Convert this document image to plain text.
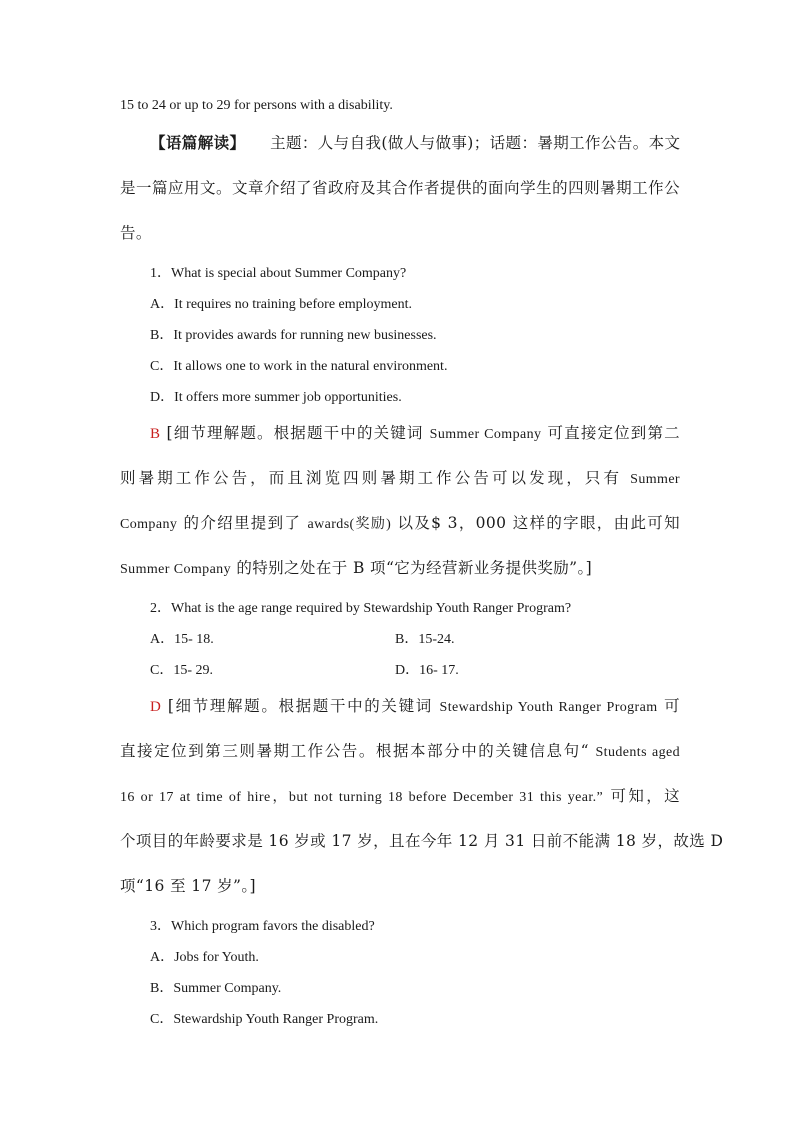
15 to 24 or up to 29 for persons with a disability.
【语篇解读】 主题：人与自我(做人与做事)；话题：暑期工作公告。本文
是一篇应用文。文章介绍了省政府及其合作者提供的面向学生的四则暑期工作公
告。
1．What is special about Summer Company?
A．It requires no training before employment.
B．It provides awards for running new businesses.
C．It allows one to work in the natural environment.
D．It offers more summer job opportunities.
B [细节理解题。根据题干中的关键词 Summer Company 可直接定位到第二
则暑期工作公告，而且浏览四则暑期工作公告可以发现，只有 Summer
Company 的介绍里提到了 awards(奖励) 以及$ 3，000 这样的字眼，由此可知
Summer Company 的特别之处在于 B 项“它为经营新业务提供奖励”。]
2．What is the age range required by Stewardship Youth Ranger Program?
A．15- 18.	B．15-24.
C．15- 29.	D．16- 17.
D [细节理解题。根据题干中的关键词 Stewardship Youth Ranger Program 可
直接定位到第三则暑期工作公告。根据本部分中的关键信息句“ Students aged
16 or 17 at time of hire，but not turning 18 before December 31 this year.” 可知，这
个项目的年龄要求是 16 岁或 17 岁，且在今年 12 月 31 日前不能满 18 岁，故选 D
项“16 至 17 岁”。]
3．Which program favors the disabled?
A．Jobs for Youth.
B．Summer Company.
C．Stewardship Youth Ranger Program.
